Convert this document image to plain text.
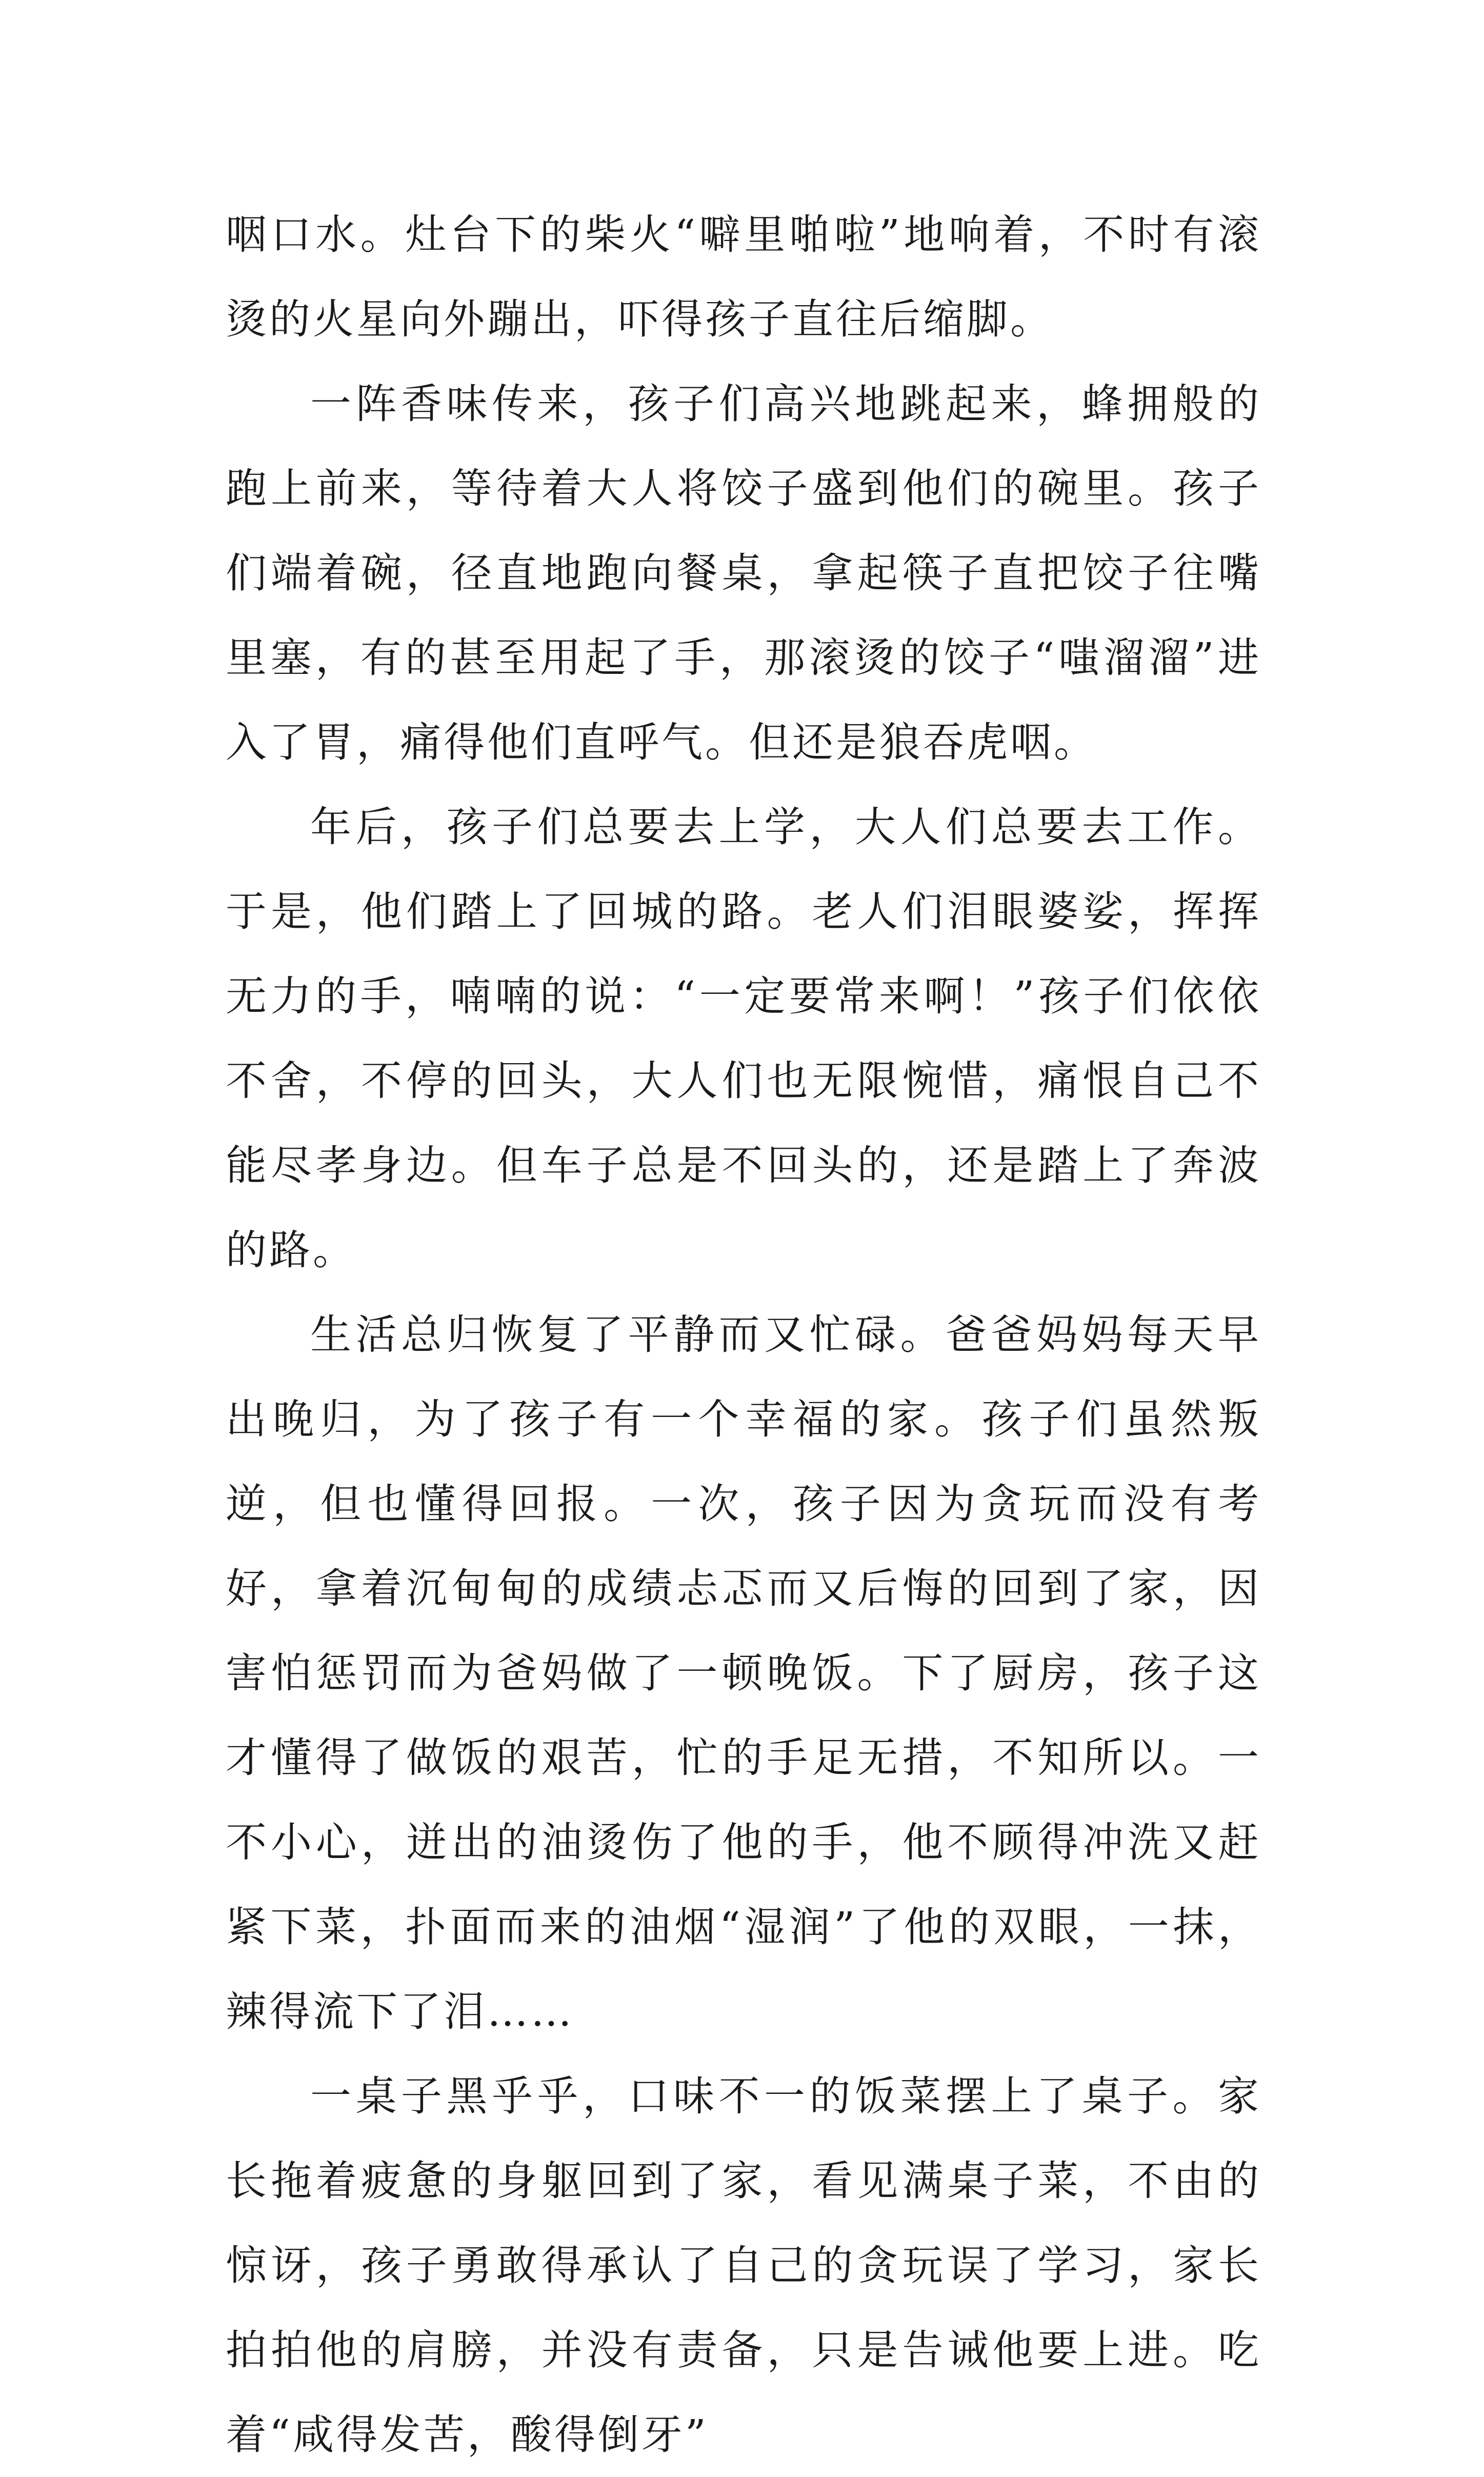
咽口水。灶台下的柴火“噼里啪啦”地响着，不时有滚烫的火星向外蹦出，吓得孩子直往后缩脚。

一阵香味传来，孩子们高兴地跳起来，蜂拥般的跑上前来，等待着大人将饺子盛到他们的碗里。孩子们端着碗，径直地跑向餐桌，拿起筷子直把饺子往嘴里塞，有的甚至用起了手，那滚烫的饺子“嗤溜溜”进入了胃，痛得他们直呼气。但还是狼吞虎咽。

年后，孩子们总要去上学，大人们总要去工作。于是，他们踏上了回城的路。老人们泪眼婆娑，挥挥无力的手，喃喃的说：“一定要常来啊！”孩子们依依不舍，不停的回头，大人们也无限惋惜，痛恨自己不能尽孝身边。但车子总是不回头的，还是踏上了奔波的路。

生活总归恢复了平静而又忙碌。爸爸妈妈每天早出晚归，为了孩子有一个幸福的家。孩子们虽然叛逆，但也懂得回报。一次，孩子因为贪玩而没有考好，拿着沉甸甸的成绩忐忑而又后悔的回到了家，因害怕惩罚而为爸妈做了一顿晚饭。下了厨房，孩子这才懂得了做饭的艰苦，忙的手足无措，不知所以。一不小心，迸出的油烫伤了他的手，他不顾得冲洗又赶紧下菜，扑面而来的油烟“湿润”了他的双眼，一抹，辣得流下了泪……

一桌子黑乎乎，口味不一的饭菜摆上了桌子。家长拖着疲惫的身躯回到了家，看见满桌子菜，不由的惊讶，孩子勇敢得承认了自己的贪玩误了学习，家长拍拍他的肩膀，并没有责备，只是告诫他要上进。吃着“咸得发苦，酸得倒牙”
